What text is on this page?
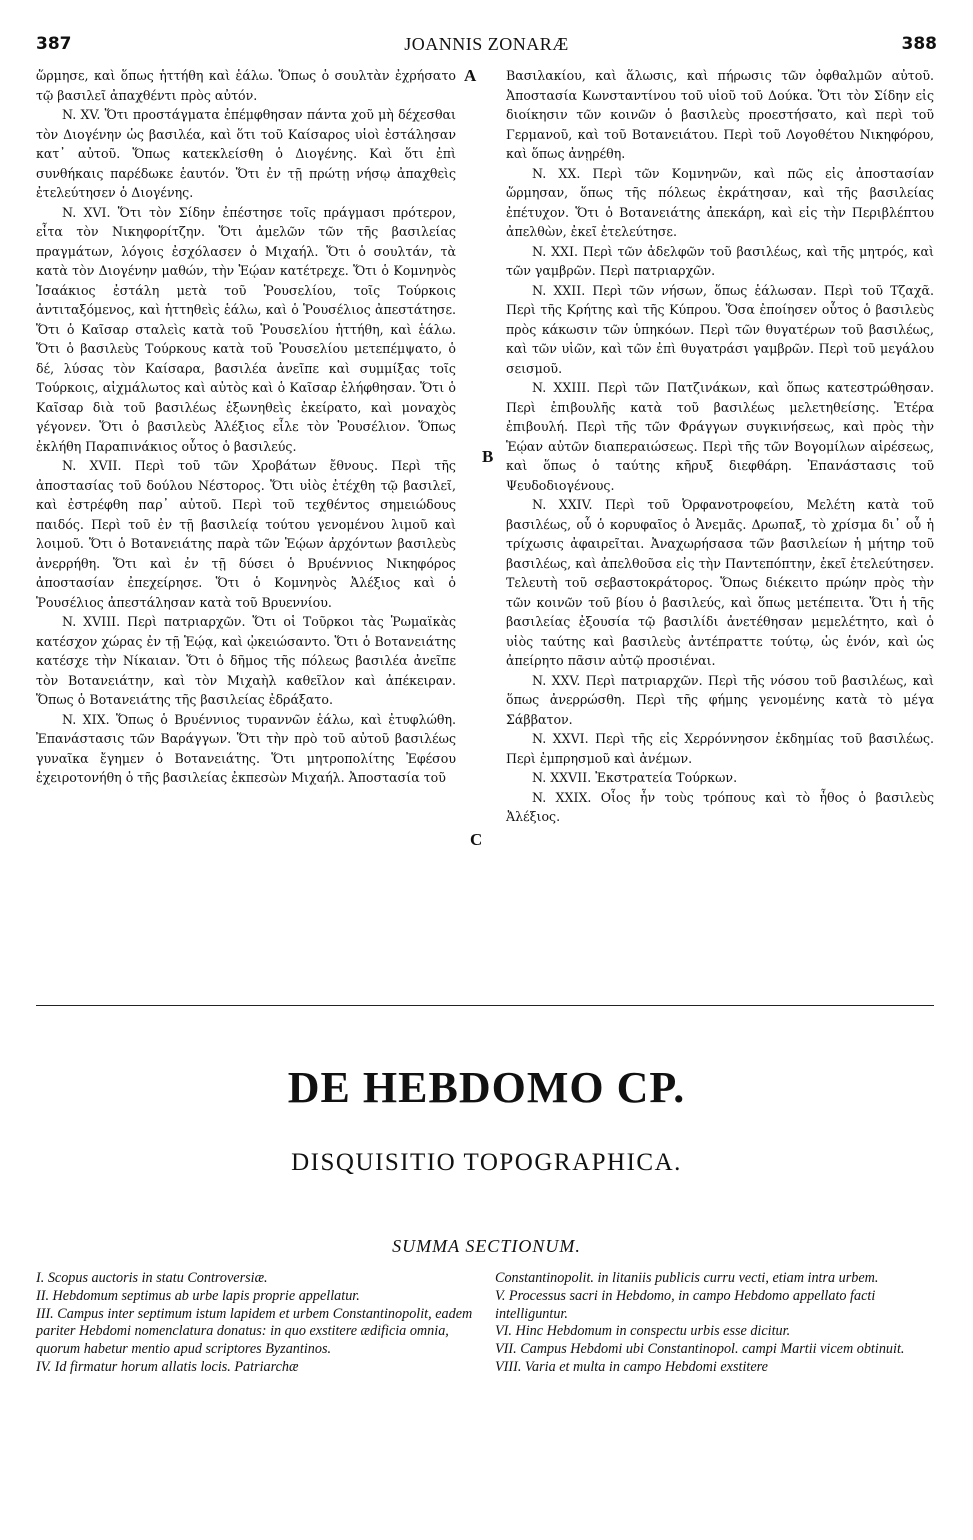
387	JOANNIS ZONARÆ	388

ὥρμησε, καὶ ὅπως ἡττήθη καὶ ἑάλω. Ὅπως ὁ σουλτὰν ἐχρήσατο τῷ βασιλεῖ ἀπαχθέντι πρὸς αὐτόν.

N. XV. Ὅτι προστάγματα ἐπέμφθησαν πάντα χοῦ μὴ δέχεσθαι τὸν Διογένην ὡς βασιλέα, καὶ ὅτι τοῦ Καίσαρος υἱοὶ ἐστάλησαν κατ᾽ αὐτοῦ. Ὅπως κατεκλείσθη ὁ Διογένης. Καὶ ὅτι ἐπὶ συνθήκαις παρέδωκε ἑαυτόν. Ὅτι ἐν τῇ πρώτῃ νήσῳ ἀπαχθεὶς ἐτελεύτησεν ὁ Διογένης.

N. XVI. Ὅτι τὸν Σίδην ἐπέστησε τοῖς πράγμασι πρότερον, εἶτα τὸν Νικηφορίτζην. Ὅτι ἀμελῶν τῶν τῆς βασιλείας πραγμάτων, λόγοις ἐσχόλασεν ὁ Μιχαήλ. Ὅτι ὁ σουλτάν, τὰ κατὰ τὸν Διογένην μαθών, τὴν Ἑῴαν κατέτρεχε. Ὅτι ὁ Κομνηνὸς Ἰσαάκιος ἐστάλη μετὰ τοῦ Ῥουσελίου, τοῖς Τούρκοις ἀντιταξόμενος, καὶ ἡττηθεὶς ἑάλω, καὶ ὁ Ῥουσέλιος ἀπεστάτησε. Ὅτι ὁ Καῖσαρ σταλεὶς κατὰ τοῦ Ῥουσελίου ἡττήθη, καὶ ἑάλω. Ὅτι ὁ βασιλεὺς Τούρκους κατὰ τοῦ Ῥουσελίου μετεπέμψατο, ὁ δέ, λύσας τὸν Καίσαρα, βασιλέα ἀνεῖπε καὶ συμμίξας τοῖς Τούρκοις, αἰχμάλωτος καὶ αὐτὸς καὶ ὁ Καῖσαρ ἐλήφθησαν. Ὅτι ὁ Καῖσαρ διὰ τοῦ βασιλέως ἐξωνηθεὶς ἐκείρατο, καὶ μοναχὸς γέγονεν. Ὅτι ὁ βασιλεὺς Ἀλέξιος εἷλε τὸν Ῥουσέλιον. Ὅπως ἐκλήθη Παραπινάκιος οὗτος ὁ βασιλεύς.

N. XVII. Περὶ τοῦ τῶν Χροβάτων ἔθνους. Περὶ τῆς ἀποστασίας τοῦ δούλου Νέστορος. Ὅτι υἱὸς ἐτέχθη τῷ βασιλεῖ, καὶ ἐστρέφθη παρ᾽ αὐτοῦ. Περὶ τοῦ τεχθέντος σημειώδους παιδός. Περὶ τοῦ ἐν τῇ βασιλείᾳ τούτου γενομένου λιμοῦ καὶ λοιμοῦ. Ὅτι ὁ Βοτανειάτης παρὰ τῶν Ἑῴων ἀρχόντων βασιλεὺς ἀνερρήθη. Ὅτι καὶ ἐν τῇ δύσει ὁ Βρυέννιος Νικηφόρος ἀποστασίαν ἐπεχείρησε. Ὅτι ὁ Κομνηνὸς Ἀλέξιος καὶ ὁ Ῥουσέλιος ἀπεστάλησαν κατὰ τοῦ Βρυεννίου.

N. XVIII. Περὶ πατριαρχῶν. Ὅτι οἱ Τοῦρκοι τὰς Ῥωμαϊκὰς κατέσχον χώρας ἐν τῇ Ἑῴᾳ, καὶ ᾠκειώσαντο. Ὅτι ὁ Βοτανειάτης κατέσχε τὴν Νίκαιαν. Ὅτι ὁ δῆμος τῆς πόλεως βασιλέα ἀνεῖπε τὸν Βοτανειάτην, καὶ τὸν Μιχαὴλ καθεῖλον καὶ ἀπέκειραν. Ὅπως ὁ Βοτανειάτης τῆς βασιλείας ἐδράξατο.

N. XIX. Ὅπως ὁ Βρυέννιος τυραννῶν ἑάλω, καὶ ἐτυφλώθη. Ἐπανάστασις τῶν Βαράγγων. Ὅτι τὴν πρὸ τοῦ αὐτοῦ βασιλέως γυναῖκα ἔγημεν ὁ Βοτανειάτης. Ὅτι μητροπολίτης Ἐφέσου ἐχειροτονήθη ὁ τῆς βασιλείας ἐκπεσὼν Μιχαήλ. Ἀποστασία τοῦ

A
B
C

Βασιλακίου, καὶ ἅλωσις, καὶ πήρωσις τῶν ὀφθαλμῶν αὐτοῦ. Ἀποστασία Κωνσταντίνου τοῦ υἱοῦ τοῦ Δούκα. Ὅτι τὸν Σίδην εἰς διοίκησιν τῶν κοινῶν ὁ βασιλεὺς προεστήσατο, καὶ περὶ τοῦ Γερμανοῦ, καὶ τοῦ Βοτανειάτου. Περὶ τοῦ Λογοθέτου Νικηφόρου, καὶ ὅπως ἀνῃρέθη.

N. XX. Περὶ τῶν Κομνηνῶν, καὶ πῶς εἰς ἀποστασίαν ὥρμησαν, ὅπως τῆς πόλεως ἐκράτησαν, καὶ τῆς βασιλείας ἐπέτυχον. Ὅτι ὁ Βοτανειάτης ἀπεκάρη, καὶ εἰς τὴν Περιβλέπτου ἀπελθὼν, ἐκεῖ ἐτελεύτησε.

N. XXI. Περὶ τῶν ἀδελφῶν τοῦ βασιλέως, καὶ τῆς μητρός, καὶ τῶν γαμβρῶν. Περὶ πατριαρχῶν.

N. XXII. Περὶ τῶν νήσων, ὅπως ἑάλωσαν. Περὶ τοῦ Τζαχᾶ. Περὶ τῆς Κρήτης καὶ τῆς Κύπρου. Ὅσα ἐποίησεν οὗτος ὁ βασιλεὺς πρὸς κάκωσιν τῶν ὑπηκόων. Περὶ τῶν θυγατέρων τοῦ βασιλέως, καὶ τῶν υἱῶν, καὶ τῶν ἐπὶ θυγατράσι γαμβρῶν. Περὶ τοῦ μεγάλου σεισμοῦ.

N. XXIII. Περὶ τῶν Πατζινάκων, καὶ ὅπως κατεστρώθησαν. Περὶ ἐπιβουλῆς κατὰ τοῦ βασιλέως μελετηθείσης. Ἑτέρα ἐπιβουλή. Περὶ τῆς τῶν Φράγγων συγκινήσεως, καὶ πρὸς τὴν Ἑῴαν αὐτῶν διαπεραιώσεως. Περὶ τῆς τῶν Βογομίλων αἱρέσεως, καὶ ὅπως ὁ ταύτης κῆρυξ διεφθάρη. Ἐπανάστασις τοῦ Ψευδοδιογένους.

N. XXIV. Περὶ τοῦ Ὀρφανοτροφείου, Μελέτη κατὰ τοῦ βασιλέως, οὗ ὁ κορυφαῖος ὁ Ἀνεμᾶς. Δρωπαξ, τὸ χρίσμα δι᾽ οὗ ἡ τρίχωσις ἀφαιρεῖται. Ἀναχωρήσασα τῶν βασιλείων ἡ μήτηρ τοῦ βασιλέως, καὶ ἀπελθοῦσα εἰς τὴν Παντεπόπτην, ἐκεῖ ἐτελεύτησεν. Τελευτὴ τοῦ σεβαστοκράτορος. Ὅπως διέκειτο πρώην πρὸς τὴν τῶν κοινῶν τοῦ βίου ὁ βασιλεύς, καὶ ὅπως μετέπειτα. Ὅτι ἡ τῆς βασιλείας ἐξουσία τῷ βασιλίδι ἀνετέθησαν μεμελέτητο, καὶ ὁ υἱὸς ταύτης καὶ βασιλεὺς ἀντέπραττε τούτῳ, ὡς ἑνόν, καὶ ὡς ἀπείρητο πᾶσιν αὐτῷ προσιέναι.

N. XXV. Περὶ πατριαρχῶν. Περὶ τῆς νόσου τοῦ βασιλέως, καὶ ὅπως ἀνερρώσθη. Περὶ τῆς φήμης γενομένης κατὰ τὸ μέγα Σάββατον.

N. XXVI. Περὶ τῆς εἰς Χερρόννησον ἐκδημίας τοῦ βασιλέως. Περὶ ἐμπρησμοῦ καὶ ἀνέμων.

N. XXVII. Ἐκστρατεία Τούρκων.

N. XXIX. Οἷος ἦν τοὺς τρόπους καὶ τὸ ἦθος ὁ βασιλεὺς Ἀλέξιος.

DE HEBDOMO CP.
DISQUISITIO TOPOGRAPHICA.
SUMMA SECTIONUM.

I. Scopus auctoris in statu Controversiæ.

II. Hebdomum septimus ab urbe lapis proprie appellatur.

III. Campus inter septimum istum lapidem et urbem Constantinopolit, eadem pariter Hebdomi nomenclatura donatus: in quo exstitere ædificia omnia, quorum habetur mentio apud scriptores Byzantinos.

IV. Id firmatur horum allatis locis. Patriarchæ

Constantinopolit. in litaniis publicis curru vecti, etiam intra urbem.

V. Processus sacri in Hebdomo, in campo Hebdomo appellato facti intelliguntur.

VI. Hinc Hebdomum in conspectu urbis esse dicitur.

VII. Campus Hebdomi ubi Constantinopol. campi Martii vicem obtinuit.

VIII. Varia et multa in campo Hebdomi exstitere
